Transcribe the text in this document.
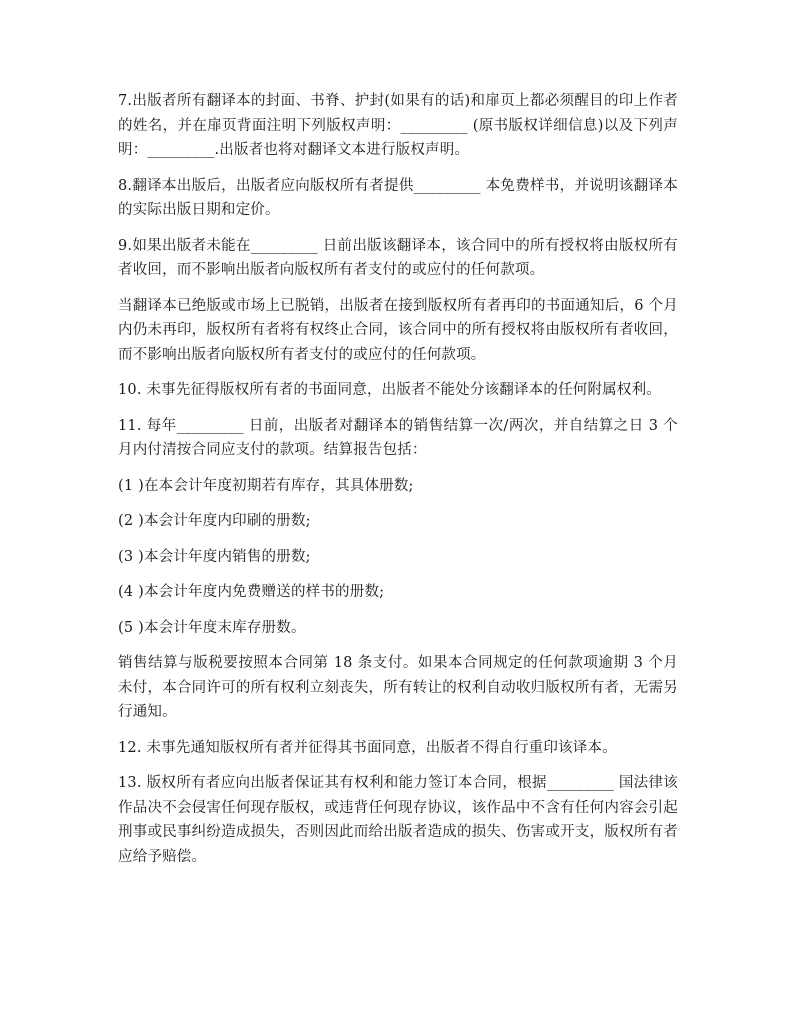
7.出版者所有翻译本的封面、书脊、护封(如果有的话)和扉页上都必须醒目的印上作者的姓名，并在扉页背面注明下列版权声明：_________ (原书版权详细信息)以及下列声明：_________.出版者也将对翻译文本进行版权声明。

8.翻译本出版后，出版者应向版权所有者提供_________ 本免费样书，并说明该翻译本的实际出版日期和定价。

9.如果出版者未能在_________ 日前出版该翻译本，该合同中的所有授权将由版权所有者收回，而不影响出版者向版权所有者支付的或应付的任何款项。

当翻译本已绝版或市场上已脱销，出版者在接到版权所有者再印的书面通知后，6 个月内仍未再印，版权所有者将有权终止合同，该合同中的所有授权将由版权所有者收回，而不影响出版者向版权所有者支付的或应付的任何款项。

10. 未事先征得版权所有者的书面同意，出版者不能处分该翻译本的任何附属权利。

11. 每年_________ 日前，出版者对翻译本的销售结算一次/两次，并自结算之日 3 个月内付清按合同应支付的款项。结算报告包括：

(1 )在本会计年度初期若有库存，其具体册数;

(2 )本会计年度内印刷的册数;

(3 )本会计年度内销售的册数;

(4 )本会计年度内免费赠送的样书的册数;

(5 )本会计年度末库存册数。

销售结算与版税要按照本合同第 18 条支付。如果本合同规定的任何款项逾期 3 个月未付，本合同许可的所有权利立刻丧失，所有转让的权利自动收归版权所有者，无需另行通知。

12. 未事先通知版权所有者并征得其书面同意，出版者不得自行重印该译本。

13. 版权所有者应向出版者保证其有权利和能力签订本合同，根据_________ 国法律该作品决不会侵害任何现存版权，或违背任何现存协议，该作品中不含有任何内容会引起刑事或民事纠纷造成损失，否则因此而给出版者造成的损失、伤害或开支，版权所有者应给予赔偿。
